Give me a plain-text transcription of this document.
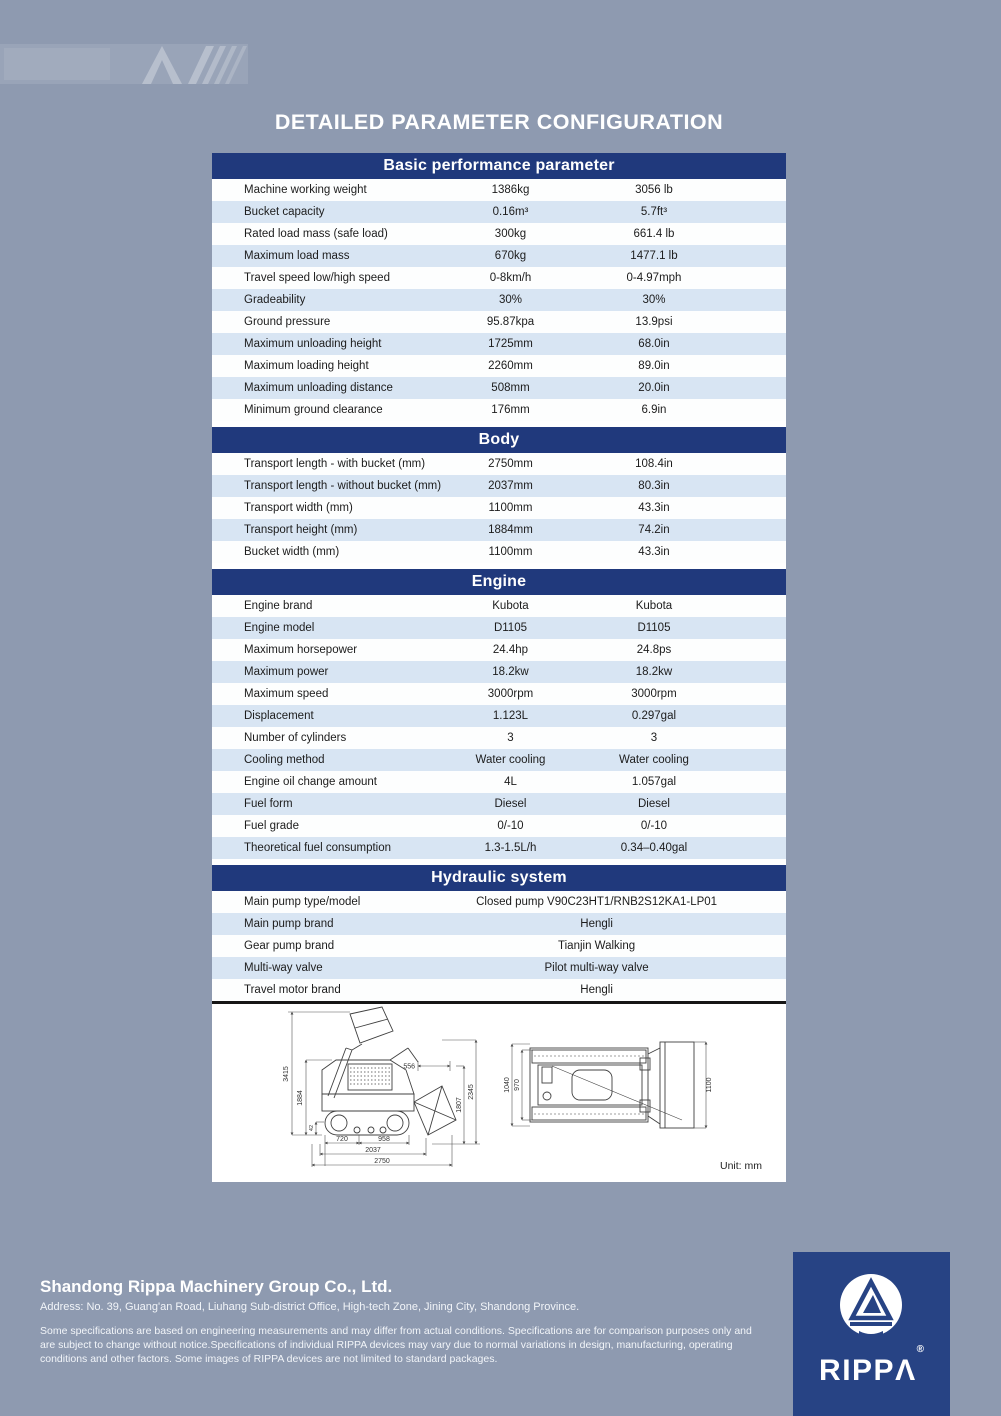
DETAILED PARAMETER CONFIGURATION
Basic performance parameter
Machine working weight	1386kg	3056 lb
Bucket capacity	0.16m³	5.7ft³
Rated load mass (safe load)	300kg	661.4 lb
Maximum load mass	670kg	1477.1 lb
Travel speed low/high speed	0-8km/h	0-4.97mph
Gradeability	30%	30%
Ground pressure	95.87kpa	13.9psi
Maximum unloading height	1725mm	68.0in
Maximum loading height	2260mm	89.0in
Maximum unloading distance	508mm	20.0in
Minimum ground clearance	176mm	6.9in
Body
Transport length - with bucket (mm)	2750mm	108.4in
Transport length - without bucket (mm)	2037mm	80.3in
Transport width (mm)	1100mm	43.3in
Transport height (mm)	1884mm	74.2in
Bucket width (mm)	1100mm	43.3in
Engine
Engine brand	Kubota	Kubota
Engine model	D1105	D1105
Maximum horsepower	24.4hp	24.8ps
Maximum power	18.2kw	18.2kw
Maximum speed	3000rpm	3000rpm
Displacement	1.123L	0.297gal
Number of cylinders	3	3
Cooling method	Water cooling	Water cooling
Engine oil change amount	4L	1.057gal
Fuel form	Diesel	Diesel
Fuel grade	0/-10	0/-10
Theoretical fuel consumption	1.3-1.5L/h	0.34–0.40gal
Hydraulic system
Main pump type/model	Closed pump V90C23HT1/RNB2S12KA1-LP01
Main pump brand	Hengli
Gear pump brand	Tianjin Walking
Multi-way valve	Pilot multi-way valve
Travel motor brand	Hengli
3415
1884
42
556
1807
2345
720	958
2037
2750
1040 970	1100
Unit: mm
Shandong Rippa Machinery Group Co., Ltd.
Address: No. 39, Guang'an Road, Liuhang Sub-district Office, High-tech Zone, Jining City, Shandong Province.
Some specifications are based on engineering measurements and may differ from actual conditions. Specifications are for comparison purposes only and are subject to change without notice.Specifications of individual RIPPA devices may vary due to normal variations in design, manufacturing, operating conditions and other factors. Some images of RIPPA devices are not limited to standard packages.	RIPPΛ®
